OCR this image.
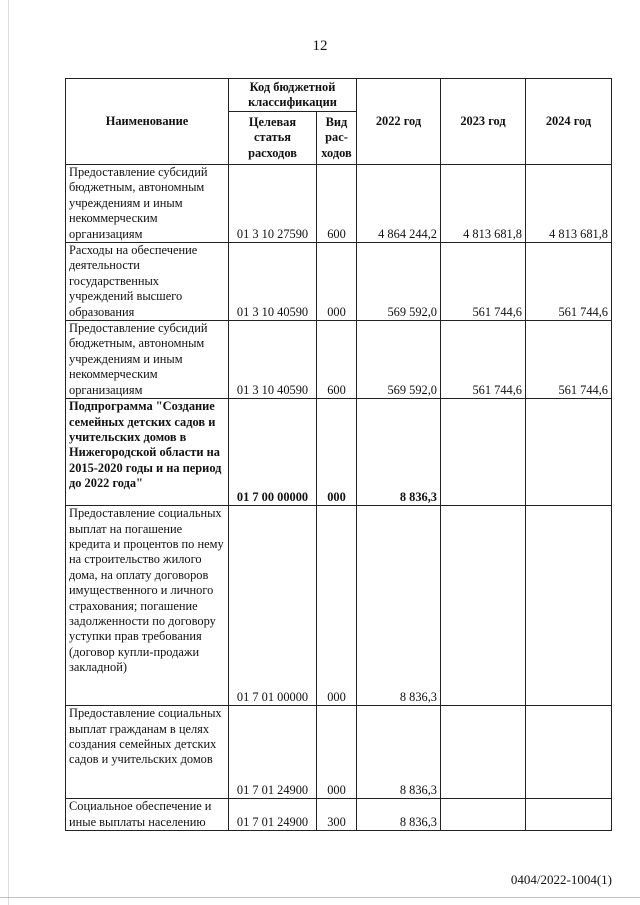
12
Наименование	Код бюджетной классификации		2022 год	2023 год	2024 год
	Целевая статья расходов	Вид рас-ходов			
Предоставление субсидий бюджетным, автономным учреждениям и иным некоммерческим организациям	01 3 10 27590	600	4 864 244,2	4 813 681,8	4 813 681,8
Расходы на обеспечение деятельности государственных учреждений высшего образования	01 3 10 40590	000	569 592,0	561 744,6	561 744,6
Предоставление субсидий бюджетным, автономным учреждениям и иным некоммерческим организациям	01 3 10 40590	600	569 592,0	561 744,6	561 744,6
Подпрограмма "Создание семейных детских садов и учительских домов в Нижегородской области на 2015-2020 годы и на период до 2022 года"	01 7 00 00000	000	8 836,3		
Предоставление социальных выплат на погашение кредита и процентов по нему на строительство жилого дома, на оплату договоров имущественного и личного страхования; погашение задолженности по договору уступки прав требования (договор купли-продажи закладной)	01 7 01 00000	000	8 836,3		
Предоставление социальных выплат гражданам в целях создания семейных детских садов и учительских домов	01 7 01 24900	000	8 836,3		
Социальное обеспечение и иные выплаты населению	01 7 01 24900	300	8 836,3		
0404/2022-1004(1)
